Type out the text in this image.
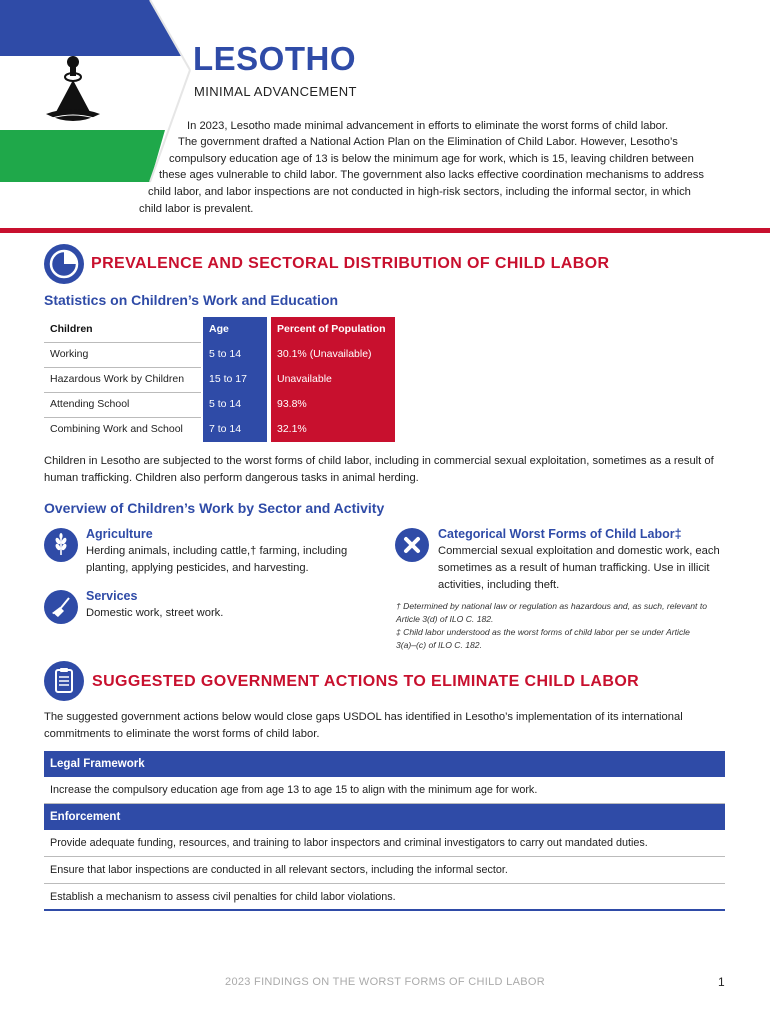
LESOTHO
MINIMAL ADVANCEMENT
In 2023, Lesotho made minimal advancement in efforts to eliminate the worst forms of child labor.
The government drafted a National Action Plan on the Elimination of Child Labor. However, Lesotho’s
compulsory education age of 13 is below the minimum age for work, which is 15, leaving children between
these ages vulnerable to child labor. The government also lacks effective coordination mechanisms to address
child labor, and labor inspections are not conducted in high-risk sectors, including the informal sector, in which
child labor is prevalent.
PREVALENCE AND SECTORAL DISTRIBUTION OF CHILD LABOR
Statistics on Children’s Work and Education
Children	Age	Percent of Population
Working	5 to 14	30.1% (Unavailable)
Hazardous Work by Children	15 to 17	Unavailable
Attending School	5 to 14	93.8%
Combining Work and School	7 to 14	32.1%
Children in Lesotho are subjected to the worst forms of child labor, including in commercial sexual exploitation, sometimes as a result of
human trafficking. Children also perform dangerous tasks in animal herding.
Overview of Children’s Work by Sector and Activity
Agriculture
Herding animals, including cattle,† farming, including
planting, applying pesticides, and harvesting.
Services
Domestic work, street work.
Categorical Worst Forms of Child Labor‡
Commercial sexual exploitation and domestic work, each
sometimes as a result of human trafficking. Use in illicit
activities, including theft.
† Determined by national law or regulation as hazardous and, as such, relevant to
Article 3(d) of ILO C. 182.
‡ Child labor understood as the worst forms of child labor per se under Article
3(a)–(c) of ILO C. 182.
SUGGESTED GOVERNMENT ACTIONS TO ELIMINATE CHILD LABOR
The suggested government actions below would close gaps USDOL has identified in Lesotho’s implementation of its international
commitments to eliminate the worst forms of child labor.
Legal Framework
Increase the compulsory education age from age 13 to age 15 to align with the minimum age for work.
Enforcement
Provide adequate funding, resources, and training to labor inspectors and criminal investigators to carry out mandated duties.
Ensure that labor inspections are conducted in all relevant sectors, including the informal sector.
Establish a mechanism to assess civil penalties for child labor violations.
2023 FINDINGS ON THE WORST FORMS OF CHILD LABOR	1
